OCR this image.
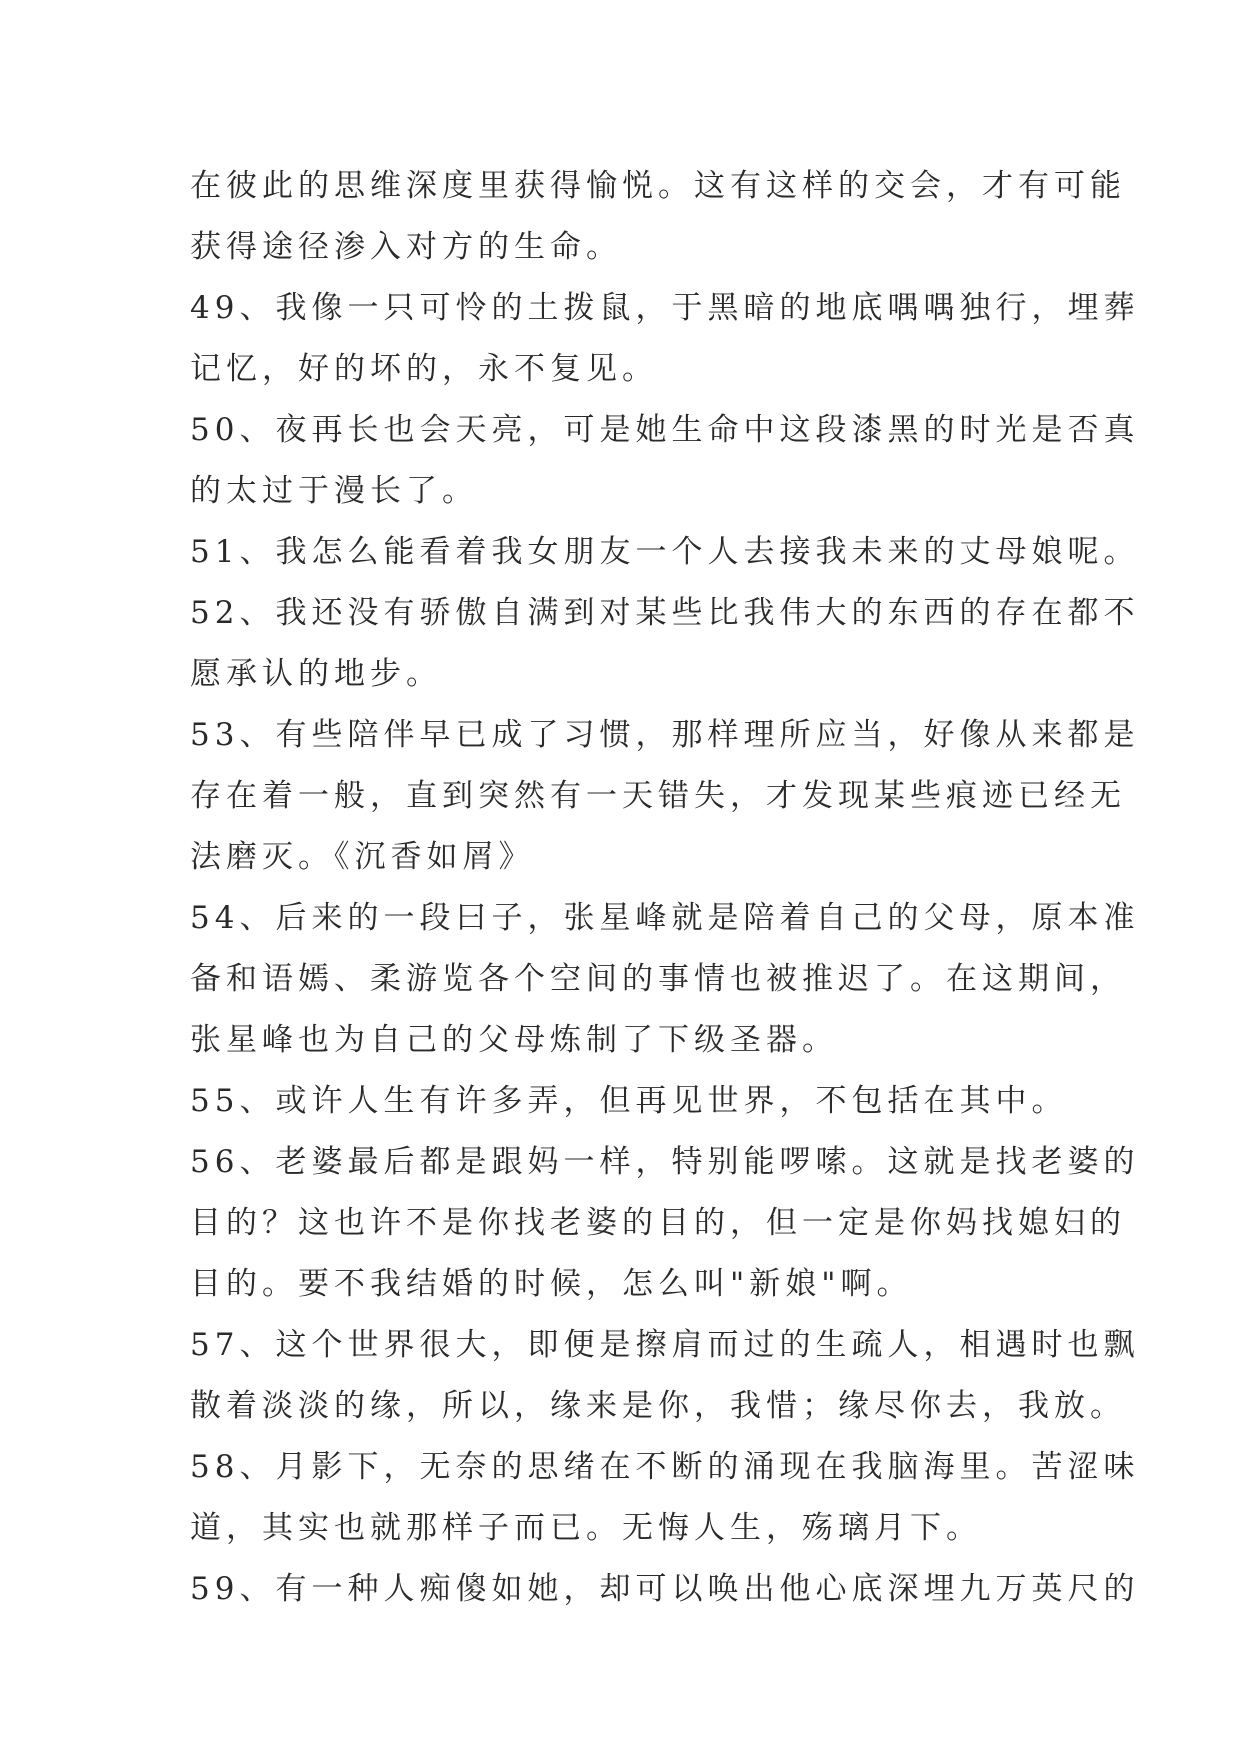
在彼此的思维深度里获得愉悦。这有这样的交会，才有可能

获得途径渗入对方的生命。

49、我像一只可怜的土拨鼠，于黑暗的地底喁喁独行，埋葬

记忆，好的坏的，永不复见。

50、夜再长也会天亮，可是她生命中这段漆黑的时光是否真

的太过于漫长了。

51、我怎么能看着我女朋友一个人去接我未来的丈母娘呢。

52、我还没有骄傲自满到对某些比我伟大的东西的存在都不

愿承认的地步。

53、有些陪伴早已成了习惯，那样理所应当，好像从来都是

存在着一般，直到突然有一天错失，才发现某些痕迹已经无

法磨灭。《沉香如屑》

54、后来的一段曰子，张星峰就是陪着自己的父母，原本准

备和语嫣、柔游览各个空间的事情也被推迟了。在这期间，

张星峰也为自己的父母炼制了下级圣器。

55、或许人生有许多弄，但再见世界，不包括在其中。

56、老婆最后都是跟妈一样，特别能啰嗦。这就是找老婆的

目的？这也许不是你找老婆的目的，但一定是你妈找媳妇的

目的。要不我结婚的时候，怎么叫"新娘"啊。

57、这个世界很大，即便是擦肩而过的生疏人，相遇时也飘

散着淡淡的缘，所以，缘来是你，我惜；缘尽你去，我放。

58、月影下，无奈的思绪在不断的涌现在我脑海里。苦涩味

道，其实也就那样子而已。无悔人生，殇璃月下。

59、有一种人痴傻如她，却可以唤出他心底深埋九万英尺的
